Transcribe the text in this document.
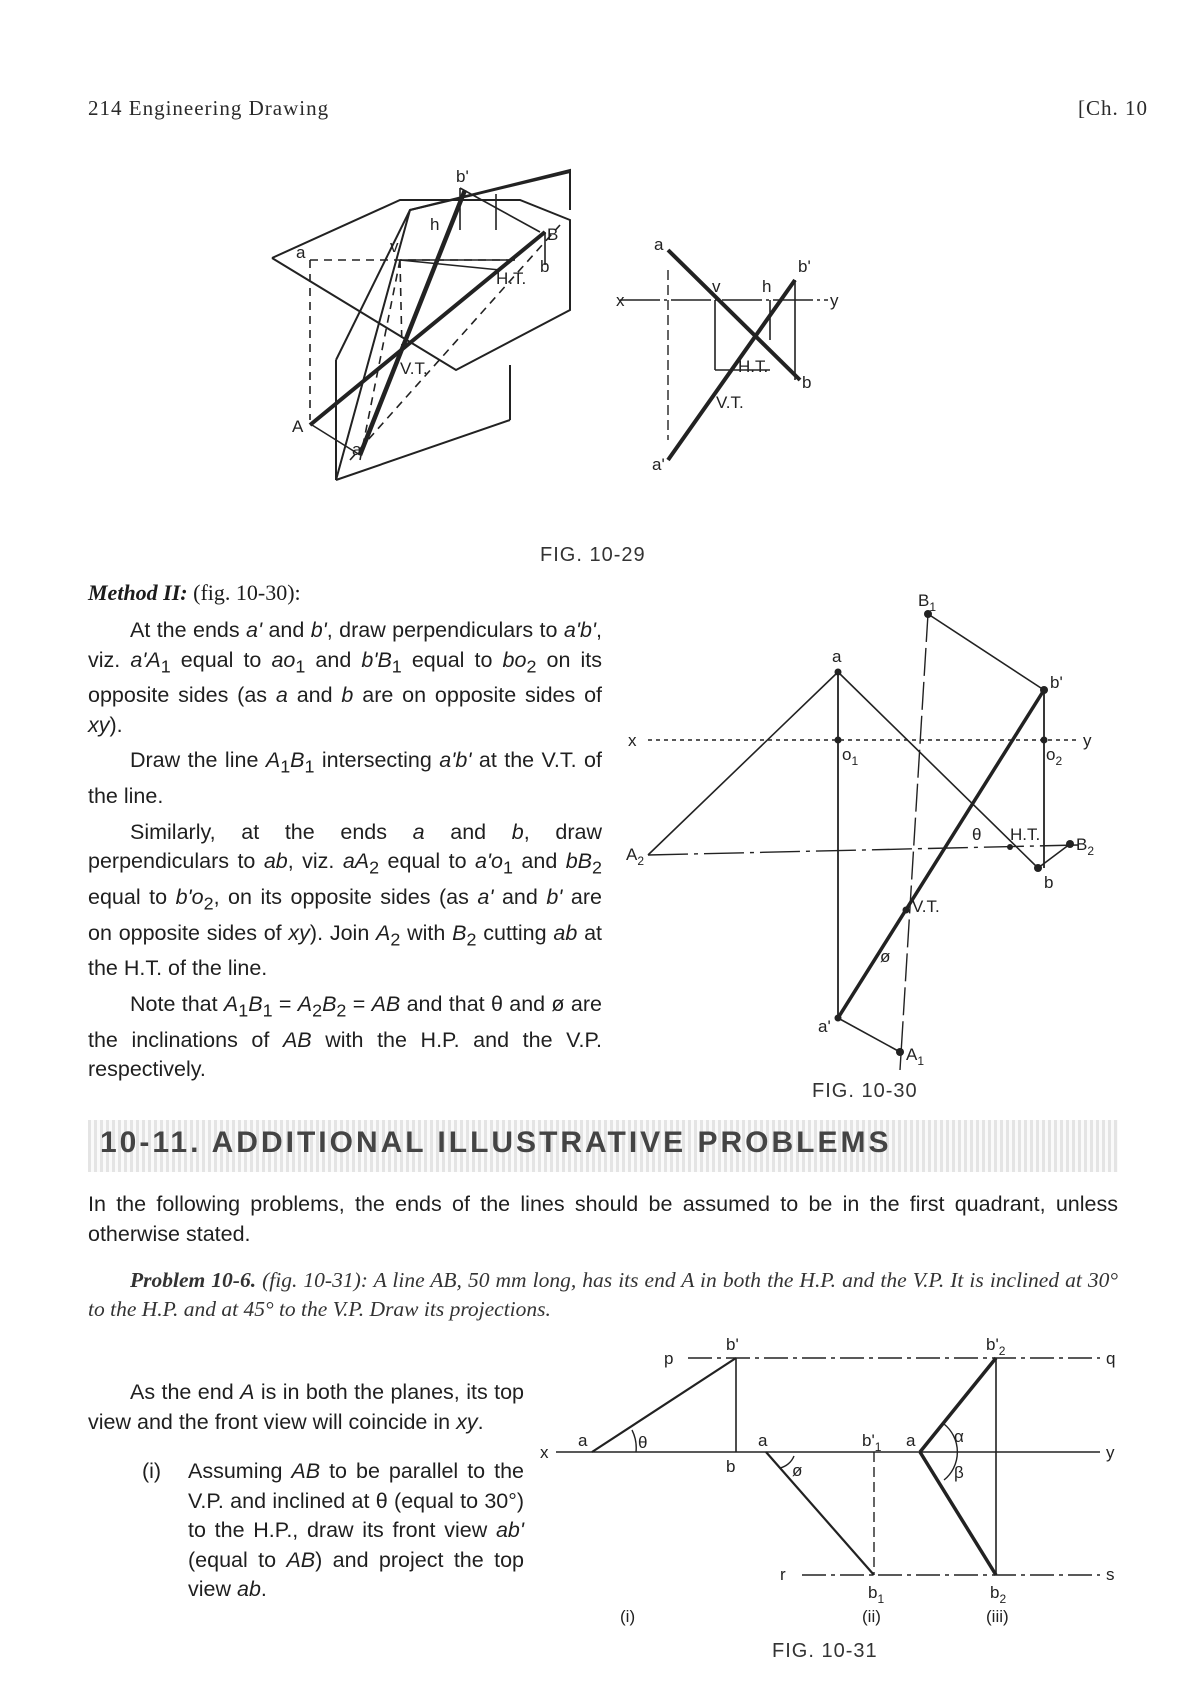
214 Engineering Drawing	[Ch. 10
a
b'
h
B
v
b
H.T.
V.T.
A
a'
a
b'
x	y
v h
H.T.
b
V.T.
a'
FIG. 10-29
Method II: (fig. 10-30):

At the ends a' and b', draw perpendiculars to a'b', viz. $a'A_1$ equal to $ao_1$ and $b'B_1$ equal to $bo_2$ on its opposite sides (as a and b are on opposite sides of xy).

Draw the line $A_1B_1$ intersecting a'b' at the V.T. of the line.

Similarly, at the ends a and b, draw perpendiculars to ab, viz. $aA_2$ equal to $a'o_1$ and $bB_2$ equal to $b'o_2$, on its opposite sides (as a' and b' are on opposite sides of xy). Join $A_2$ with $B_2$ cutting ab at the H.T. of the line.

Note that $A_1B_1 = A_2B_2$ = AB and that θ and ø are the inclinations of AB with the H.P. and the V.P. respectively.

$B_1$
a
b'
x	y
$o_1$	$o_2$
θ H.T.
$B_2$
$A_2$
b
V.T.
ø
a'
$A_1$
FIG. 10-30
10-11. ADDITIONAL ILLUSTRATIVE PROBLEMS

In the following problems, the ends of the lines should be assumed to be in the first quadrant, unless otherwise stated.

Problem 10-6. (fig. 10-31): A line AB, 50 mm long, has its end A in both the H.P. and the V.P. It is inclined at 30° to the H.P. and at 45° to the V.P. Draw its projections.

As the end A is in both the planes, its top view and the front view will coincide in xy.

(i)	Assuming AB to be parallel to the V.P. and inclined at θ (equal to 30°) to the H.P., draw its front view ab' (equal to AB) and project the top view ab.

p
b'	$b'_2$	q
x	y
a	θ
b
a
ø
$b'_1$ a α
β
r	s
$b_1$	$b_2$
(i)	(ii)	(iii)
FIG. 10-31
